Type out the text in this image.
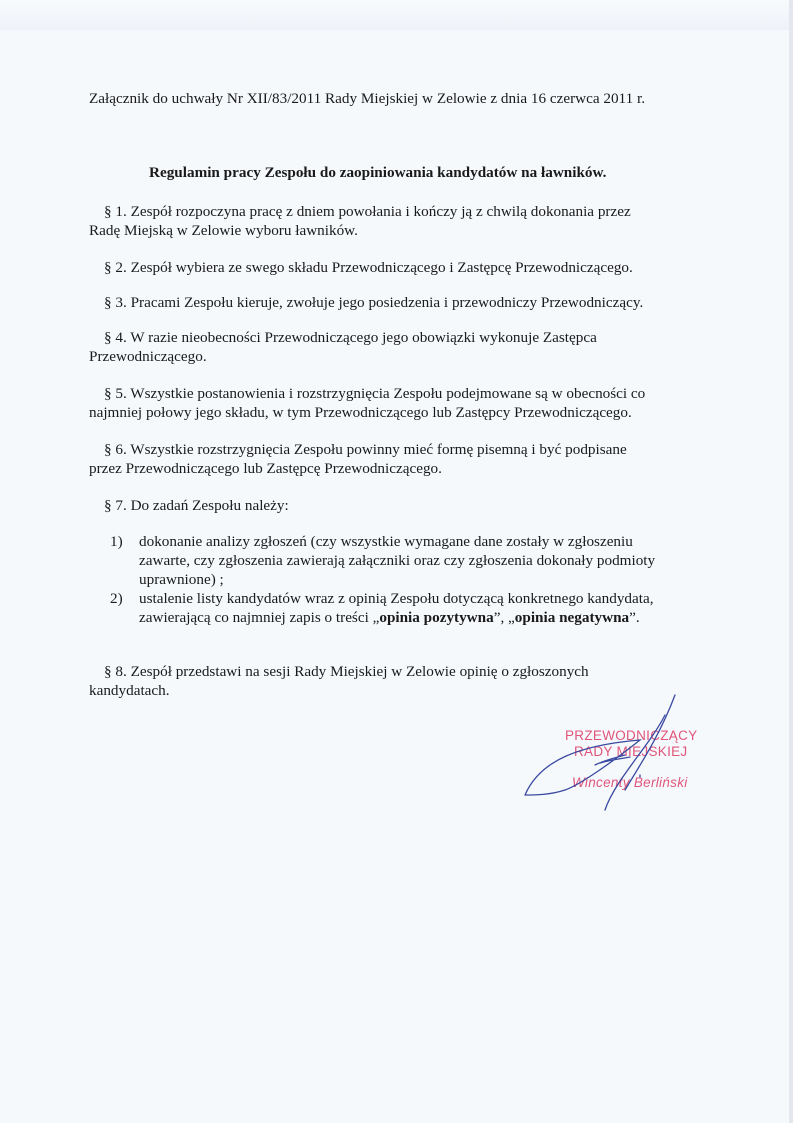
Załącznik do uchwały Nr XII/83/2011 Rady Miejskiej w Zelowie z dnia 16 czerwca 2011 r.
Regulamin pracy Zespołu do zaopiniowania kandydatów na ławników.
§ 1. Zespół rozpoczyna pracę z dniem powołania i kończy ją z chwilą dokonania przez
Radę Miejską w Zelowie wyboru ławników.
§ 2. Zespół wybiera ze swego składu Przewodniczącego i Zastępcę Przewodniczącego.
§ 3. Pracami Zespołu kieruje, zwołuje jego posiedzenia i przewodniczy Przewodniczący.
§ 4. W razie nieobecności Przewodniczącego jego obowiązki wykonuje Zastępca
Przewodniczącego.
§ 5. Wszystkie postanowienia i rozstrzygnięcia Zespołu podejmowane są w obecności co
najmniej połowy jego składu, w tym Przewodniczącego lub Zastępcy Przewodniczącego.
§ 6. Wszystkie rozstrzygnięcia Zespołu powinny mieć formę pisemną i być podpisane
przez Przewodniczącego lub Zastępcę Przewodniczącego.
§ 7. Do zadań Zespołu należy:
1) dokonanie analizy zgłoszeń (czy wszystkie wymagane dane zostały w zgłoszeniu
zawarte, czy zgłoszenia zawierają załączniki oraz czy zgłoszenia dokonały podmioty
uprawnione) ;
2) ustalenie listy kandydatów wraz z opinią Zespołu dotyczącą konkretnego kandydata,
zawierającą co najmniej zapis o treści „opinia pozytywna”, „opinia negatywna”.
§ 8. Zespół przedstawi na sesji Rady Miejskiej w Zelowie opinię o zgłoszonych
kandydatach.
PRZEWODNICZĄCY
RADY MIEJSKIEJ
Wincenty Berliński
